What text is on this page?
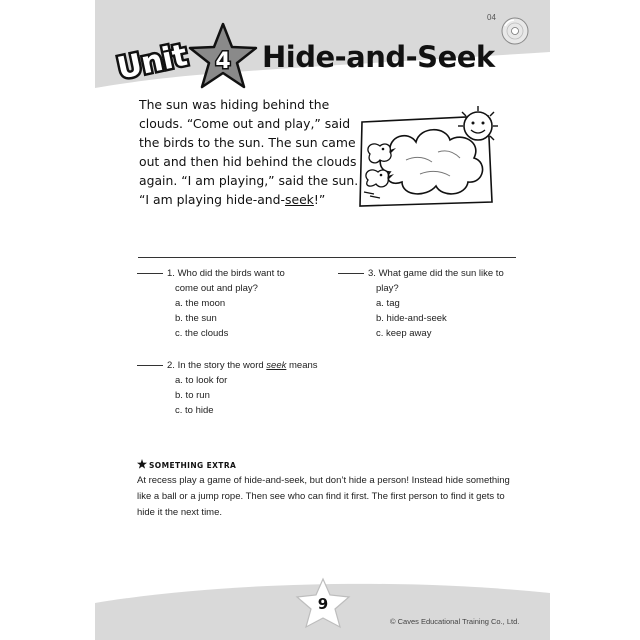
04
Unit 4 Hide-and-Seek
The sun was hiding behind the
clouds. “Come out and play,” said
the birds to the sun. The sun came
out and then hid behind the clouds
again. “I am playing,” said the sun.
“I am playing hide-and-seek!”
1. Who did the birds want to
come out and play?
a. the moon
b. the sun
c. the clouds
2. In the story the word seek means
a. to look for
b. to run
c. to hide
3. What game did the sun like to
play?
a. tag
b. hide-and-seek
c. keep away
SOMETHING EXTRA
At recess play a game of hide-and-seek, but don’t hide a person! Instead hide something
like a ball or a jump rope. Then see who can find it first. The first person to find it gets to
hide it the next time.
9
© Caves Educational Training Co., Ltd.
